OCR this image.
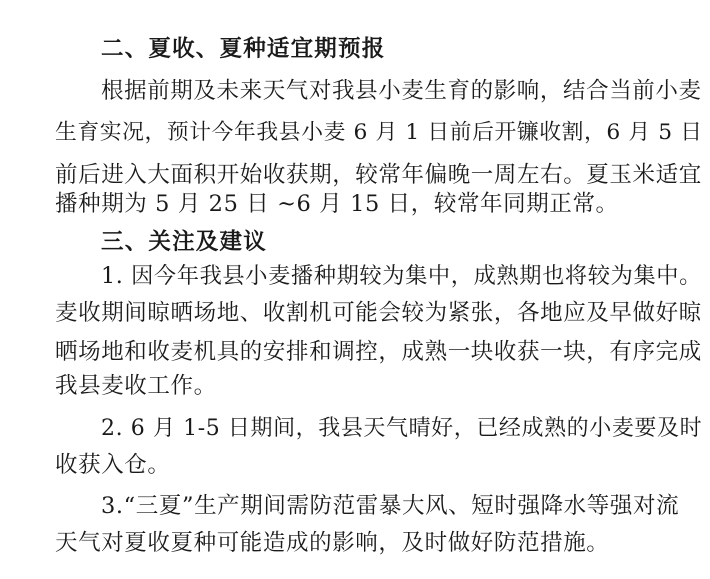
二、夏收、夏种适宜期预报
根据前期及未来天气对我县小麦生育的影响，结合当前小麦
生育实况，预计今年我县小麦 6 月 1 日前后开镰收割，6 月 5 日
前后进入大面积开始收获期，较常年偏晚一周左右。夏玉米适宜
播种期为 5 月 25 日 ~6 月 15 日，较常年同期正常。
三、关注及建议
1. 因今年我县小麦播种期较为集中，成熟期也将较为集中。
麦收期间晾晒场地、收割机可能会较为紧张，各地应及早做好晾
晒场地和收麦机具的安排和调控，成熟一块收获一块，有序完成
我县麦收工作。
2. 6 月 1-5 日期间，我县天气晴好，已经成熟的小麦要及时
收获入仓。
3.“三夏”生产期间需防范雷暴大风、短时强降水等强对流
天气对夏收夏种可能造成的影响，及时做好防范措施。
